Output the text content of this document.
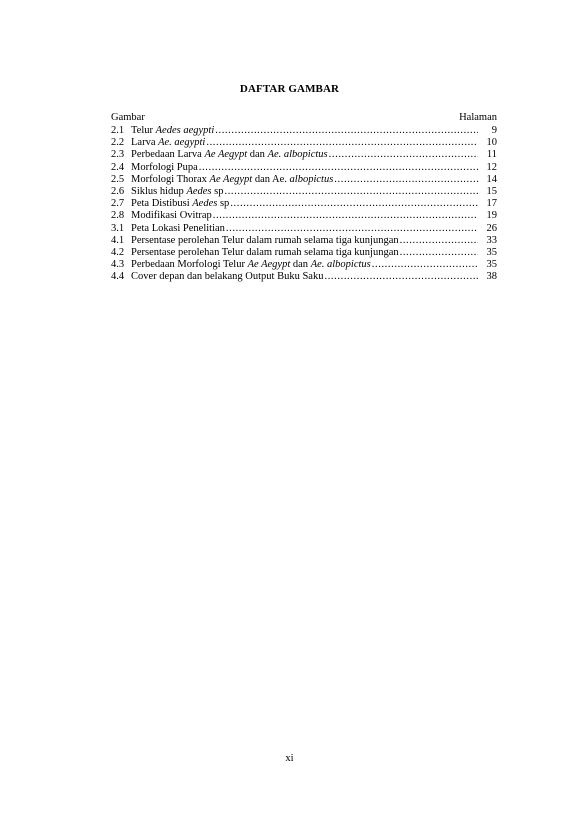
DAFTAR GAMBAR
Gambar	Halaman
2.1 Telur Aedes aegypti .....	9
2.2 Larva Ae. aegypti .....	10
2.3 Perbedaan Larva Ae Aegypt dan Ae. albopictus .....	11
2.4 Morfologi Pupa .....	12
2.5 Morfologi Thorax Ae Aegypt dan Ae. albopictus .....	14
2.6 Siklus hidup Aedes sp .....	15
2.7 Peta Distibusi Aedes sp .....	17
2.8 Modifikasi Ovitrap .....	19
3.1 Peta Lokasi Penelitian .....	26
4.1 Persentase perolehan Telur dalam rumah selama tiga kunjungan .....	33
4.2 Persentase perolehan Telur dalam rumah selama tiga kunjungan .....	35
4.3 Perbedaan Morfologi Telur Ae Aegypt dan Ae. albopictus .....	35
4.4 Cover depan dan belakang Output Buku Saku .....	38
xi
